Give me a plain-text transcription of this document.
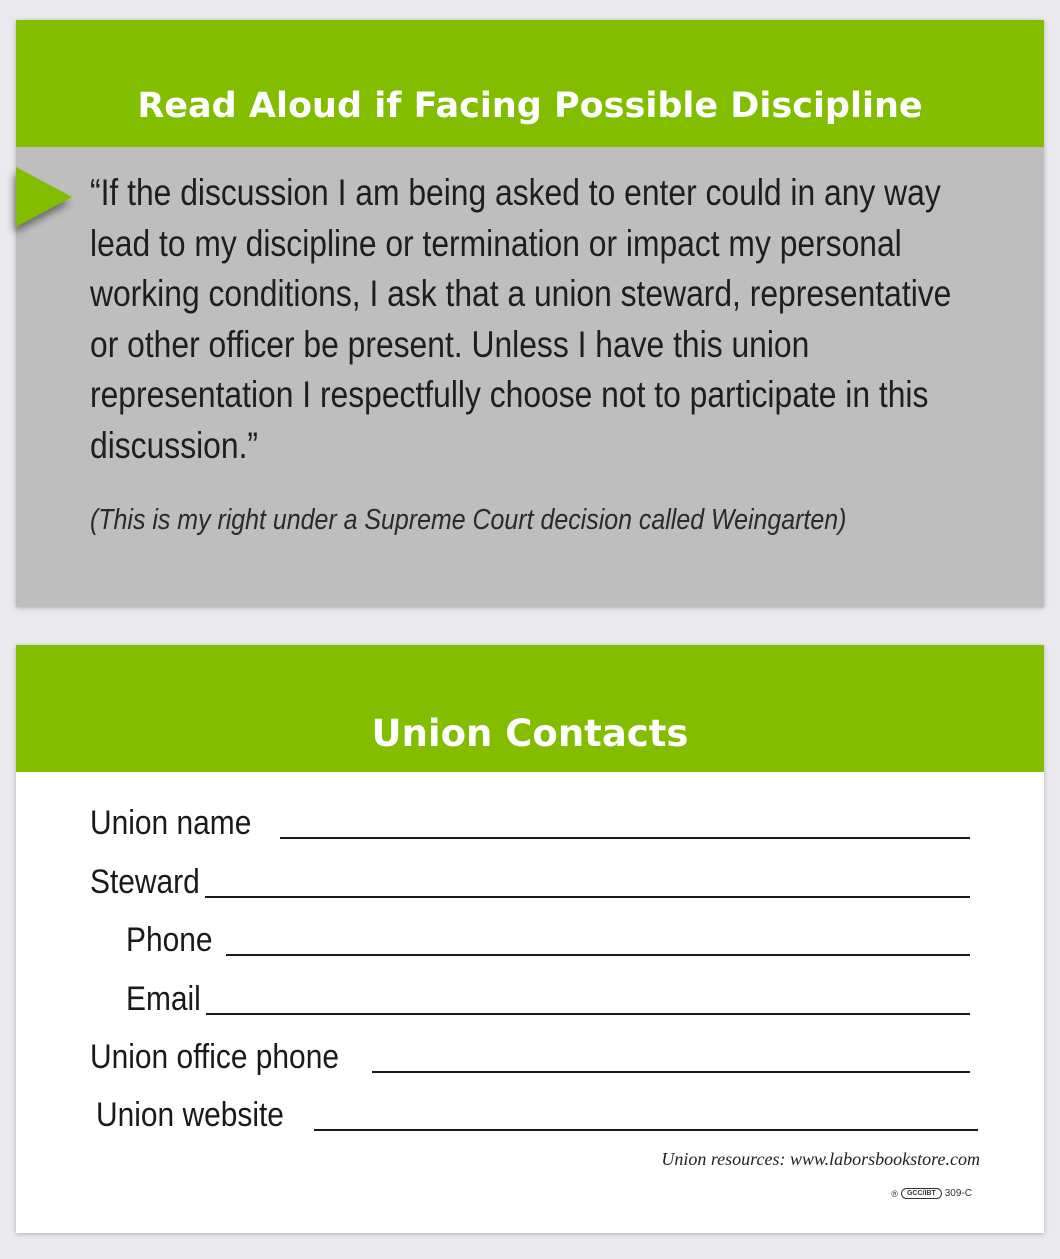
Read Aloud if Facing Possible Discipline

“If the discussion I am being asked to enter could in any way lead to my discipline or termination or impact my personal working conditions, I ask that a union steward, representative or other officer be present. Unless I have this union representation I respectfully choose not to participate in this discussion.”

(This is my right under a Supreme Court decision called Weingarten)
Union Contacts
Union name
Steward
Phone
Email
Union office phone
Union website
Union resources: www.laborsbookstore.com
®	GCC/IBT 309-C
